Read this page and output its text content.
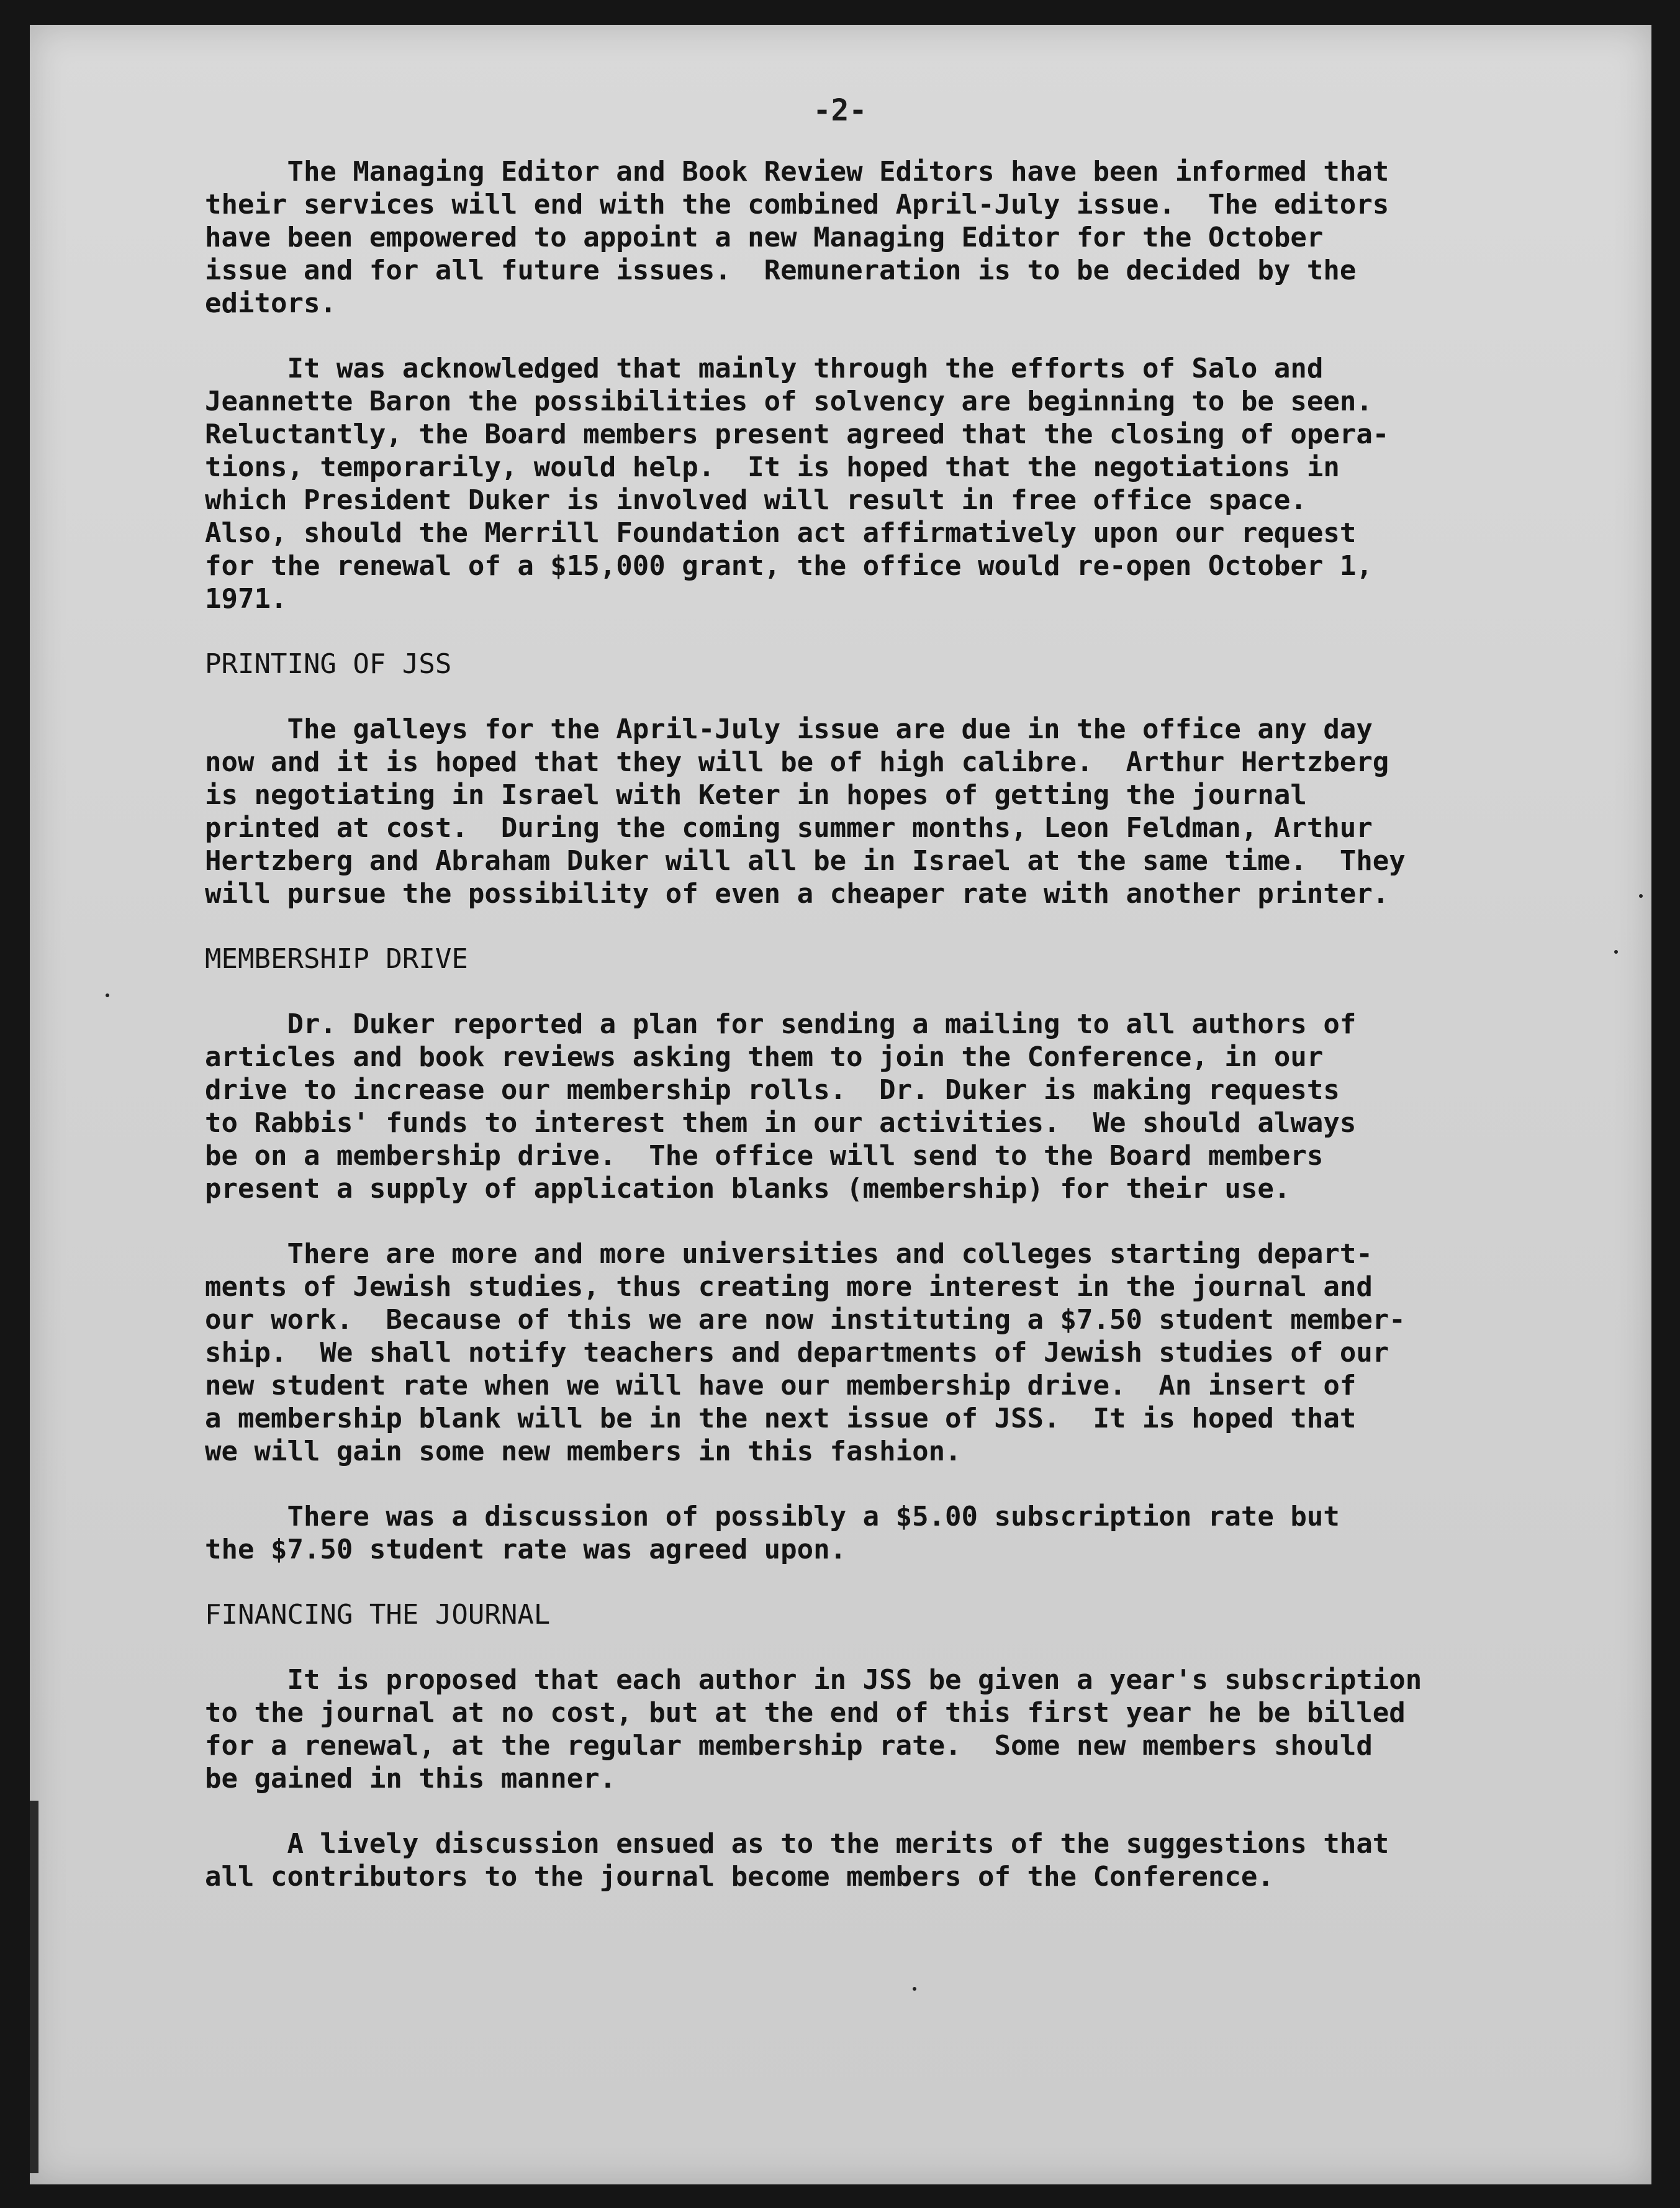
-2-
The Managing Editor and Book Review Editors have been informed that
their services will end with the combined April-July issue.  The editors
have been empowered to appoint a new Managing Editor for the October
issue and for all future issues.  Remuneration is to be decided by the
editors.
It was acknowledged that mainly through the efforts of Salo and
Jeannette Baron the possibilities of solvency are beginning to be seen.
Reluctantly, the Board members present agreed that the closing of opera-
tions, temporarily, would help.  It is hoped that the negotiations in
which President Duker is involved will result in free office space.
Also, should the Merrill Foundation act affirmatively upon our request
for the renewal of a $15,000 grant, the office would re-open October 1,
1971.
PRINTING OF JSS
The galleys for the April-July issue are due in the office any day
now and it is hoped that they will be of high calibre.  Arthur Hertzberg
is negotiating in Israel with Keter in hopes of getting the journal
printed at cost.  During the coming summer months, Leon Feldman, Arthur
Hertzberg and Abraham Duker will all be in Israel at the same time.  They
will pursue the possibility of even a cheaper rate with another printer.
MEMBERSHIP DRIVE
Dr. Duker reported a plan for sending a mailing to all authors of
articles and book reviews asking them to join the Conference, in our
drive to increase our membership rolls.  Dr. Duker is making requests
to Rabbis' funds to interest them in our activities.  We should always
be on a membership drive.  The office will send to the Board members
present a supply of application blanks (membership) for their use.
There are more and more universities and colleges starting depart-
ments of Jewish studies, thus creating more interest in the journal and
our work.  Because of this we are now instituting a $7.50 student member-
ship.  We shall notify teachers and departments of Jewish studies of our
new student rate when we will have our membership drive.  An insert of
a membership blank will be in the next issue of JSS.  It is hoped that
we will gain some new members in this fashion.
There was a discussion of possibly a $5.00 subscription rate but
the $7.50 student rate was agreed upon.
FINANCING THE JOURNAL
It is proposed that each author in JSS be given a year's subscription
to the journal at no cost, but at the end of this first year he be billed
for a renewal, at the regular membership rate.  Some new members should
be gained in this manner.
A lively discussion ensued as to the merits of the suggestions that
all contributors to the journal become members of the Conference.
